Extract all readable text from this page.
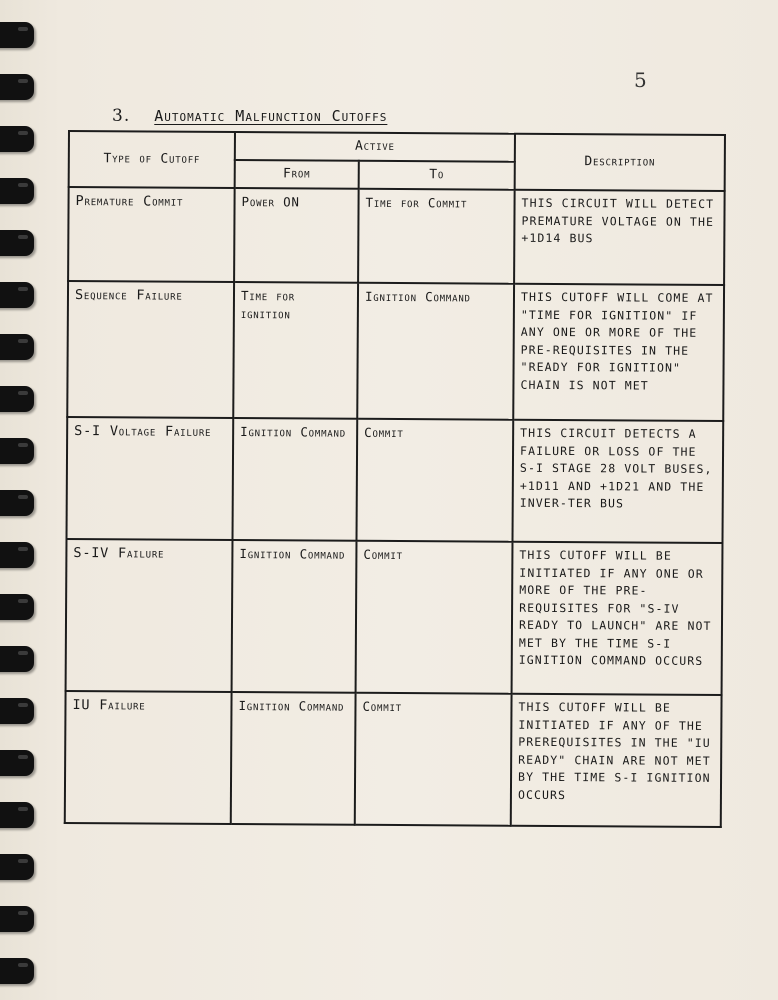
5
3. Automatic Malfunction Cutoffs
Type of Cutoff	Active		Description
	From	To	
Premature Commit	Power ON	Time for Commit	THIS CIRCUIT WILL DETECT PREMATURE VOLTAGE ON THE +1D14 BUS
Sequence Failure	Time for ignition	Ignition Command	THIS CUTOFF WILL COME AT "TIME FOR IGNITION" IF ANY ONE OR MORE OF THE PRE-REQUISITES IN THE "READY FOR IGNITION" CHAIN IS NOT MET
S-I Voltage Failure	Ignition Command	Commit	THIS CIRCUIT DETECTS A FAILURE OR LOSS OF THE S-I STAGE 28 VOLT BUSES, +1D11 AND +1D21 AND THE INVER-TER BUS
S-IV Failure	Ignition Command	Commit	THIS CUTOFF WILL BE INITIATED IF ANY ONE OR MORE OF THE PRE-REQUISITES FOR "S-IV READY TO LAUNCH" ARE NOT MET BY THE TIME S-I IGNITION COMMAND OCCURS
IU Failure	Ignition Command	Commit	THIS CUTOFF WILL BE INITIATED IF ANY OF THE PREREQUISITES IN THE "IU READY" CHAIN ARE NOT MET BY THE TIME S-I IGNITION OCCURS
